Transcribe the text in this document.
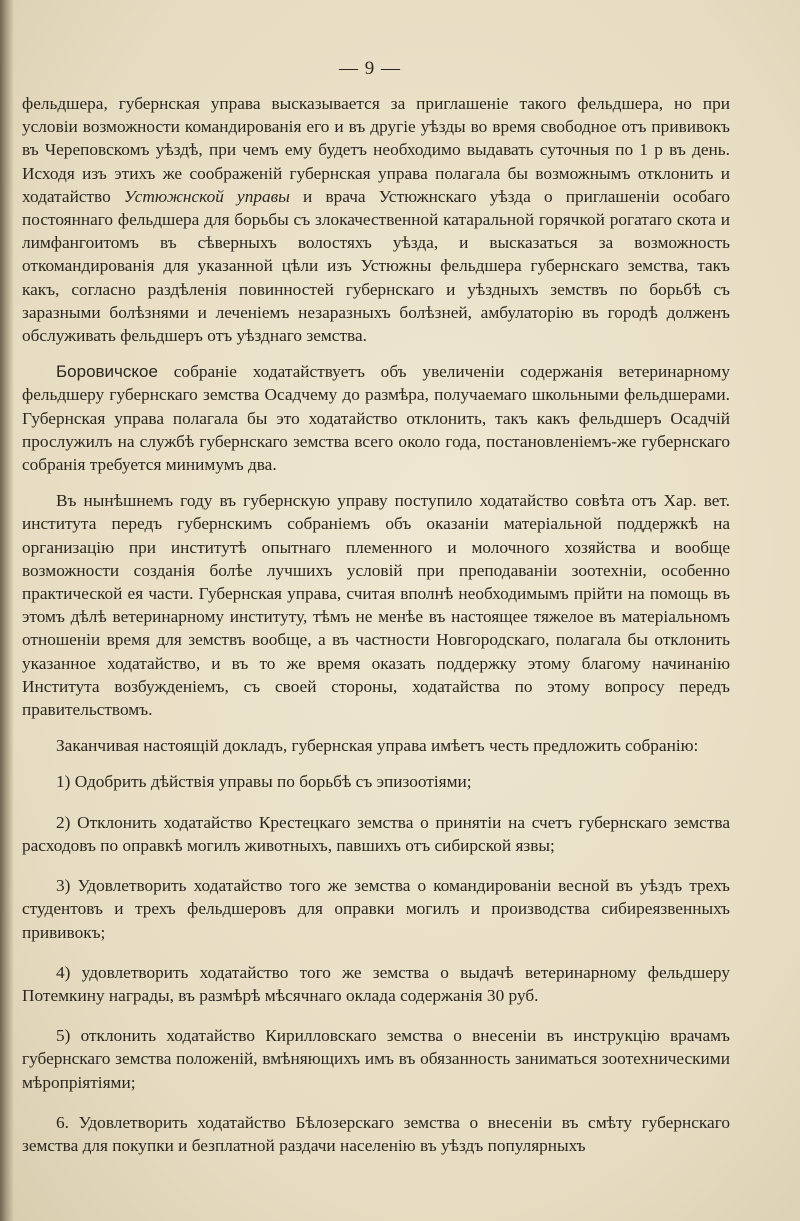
— 9 —

фельдшера, губернская управа высказывается за приглашеніе такого фельдшера, но при условіи возможности командированія его и въ другіе уѣзды во время свободное отъ прививокъ въ Череповскомъ уѣздѣ, при чемъ ему будетъ необходимо выдавать суточныя по 1 р въ день. Исходя изъ этихъ же соображеній губернская управа полагала бы возможнымъ отклонить и ходатайство Устюжнской управы и врача Устюжнскаго уѣзда о приглашеніи особаго постояннаго фельдшера для борьбы съ злокачественной катаральной горячкой рогатаго скота и лимфангоитомъ въ сѣверныхъ волостяхъ уѣзда, и высказаться за возможность откомандированія для указанной цѣли изъ Устюжны фельдшера губернскаго земства, такъ какъ, согласно раздѣленія повинностей губернскаго и уѣздныхъ земствъ по борьбѣ съ заразными болѣзнями и леченіемъ незаразныхъ болѣзней, амбулаторію въ городѣ долженъ обслуживать фельдшеръ отъ уѣзднаго земства.

Боровичское собраніе ходатайствуетъ объ увеличеніи содержанія ветеринарному фельдшеру губернскаго земства Осадчему до размѣра, получаемаго школьными фельдшерами. Губернская управа полагала бы это ходатайство отклонить, такъ какъ фельдшеръ Осадчій прослужилъ на службѣ губернскаго земства всего около года, постановленіемъ-же губернскаго собранія требуется минимумъ два.

Въ нынѣшнемъ году въ губернскую управу поступило ходатайство совѣта отъ Хар. вет. института передъ губернскимъ собраніемъ объ оказаніи матеріальной поддержкѣ на организацію при институтѣ опытнаго племенного и молочного хозяйства и вообще возможности созданія болѣе лучшихъ условій при преподаваніи зоотехніи, особенно практической ея части. Губернская управа, считая вполнѣ необходимымъ прійти на помощь въ этомъ дѣлѣ ветеринарному институту, тѣмъ не менѣе въ настоящее тяжелое въ матеріальномъ отношеніи время для земствъ вообще, а въ частности Новгородскаго, полагала бы отклонить указанное ходатайство, и въ то же время оказать поддержку этому благому начинанію Института возбужденіемъ, съ своей стороны, ходатайства по этому вопросу передъ правительствомъ.

Заканчивая настоящій докладъ, губернская управа имѣетъ честь предложить собранію:

1) Одобрить дѣйствія управы по борьбѣ съ эпизоотіями;

2) Отклонить ходатайство Крестецкаго земства о принятіи на счетъ губернскаго земства расходовъ по оправкѣ могилъ животныхъ, павшихъ отъ сибирской язвы;

3) Удовлетворить ходатайство того же земства о командированіи весной въ уѣздъ трехъ студентовъ и трехъ фельдшеровъ для оправки могилъ и производства сибиреязвенныхъ прививокъ;

4) удовлетворить ходатайство того же земства о выдачѣ ветеринарному фельдшеру Потемкину награды, въ размѣрѣ мѣсячнаго оклада содержанія 30 руб.

5) отклонить ходатайство Кирилловскаго земства о внесеніи въ инструкцію врачамъ губернскаго земства положеній, вмѣняющихъ имъ въ обязанность заниматься зоотехническими мѣропріятіями;

6. Удовлетворить ходатайство Бѣлозерскаго земства о внесеніи въ смѣту губернскаго земства для покупки и безплатной раздачи населенію въ уѣздъ популярныхъ
